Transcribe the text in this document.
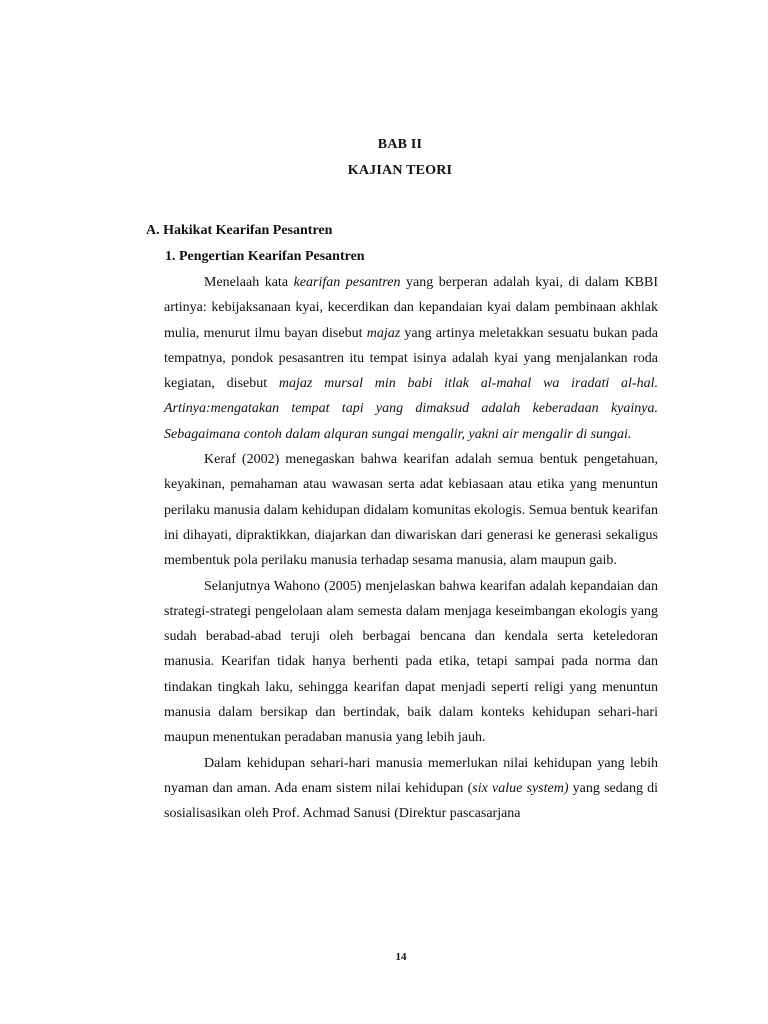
BAB II
KAJIAN TEORI
A. Hakikat Kearifan Pesantren
1. Pengertian Kearifan Pesantren

Menelaah kata kearifan pesantren yang berperan adalah kyai, di dalam KBBI artinya: kebijaksanaan kyai, kecerdikan dan kepandaian kyai dalam pembinaan akhlak mulia, menurut ilmu bayan disebut majaz yang artinya meletakkan sesuatu bukan pada tempatnya, pondok pesasantren itu tempat isinya adalah kyai yang menjalankan roda kegiatan, disebut majaz mursal min babi itlak al-mahal wa iradati al-hal. Artinya:mengatakan tempat tapi yang dimaksud adalah keberadaan kyainya. Sebagaimana contoh dalam alquran sungai mengalir, yakni air mengalir di sungai.

Keraf (2002) menegaskan bahwa kearifan adalah semua bentuk pengetahuan, keyakinan, pemahaman atau wawasan serta adat kebiasaan atau etika yang menuntun perilaku manusia dalam kehidupan didalam komunitas ekologis. Semua bentuk kearifan ini dihayati, dipraktikkan, diajarkan dan diwariskan dari generasi ke generasi sekaligus membentuk pola perilaku manusia terhadap sesama manusia, alam maupun gaib.

Selanjutnya Wahono (2005) menjelaskan bahwa kearifan adalah kepandaian dan strategi-strategi pengelolaan alam semesta dalam menjaga keseimbangan ekologis yang sudah berabad-abad teruji oleh berbagai bencana dan kendala serta keteledoran manusia. Kearifan tidak hanya berhenti pada etika, tetapi sampai pada norma dan tindakan tingkah laku, sehingga kearifan dapat menjadi seperti religi yang menuntun manusia dalam bersikap dan bertindak, baik dalam konteks kehidupan sehari-hari maupun menentukan peradaban manusia yang lebih jauh.

Dalam kehidupan sehari-hari manusia memerlukan nilai kehidupan yang lebih nyaman dan aman. Ada enam sistem nilai kehidupan (six value system) yang sedang di sosialisasikan oleh Prof. Achmad Sanusi (Direktur pascasarjana

14
